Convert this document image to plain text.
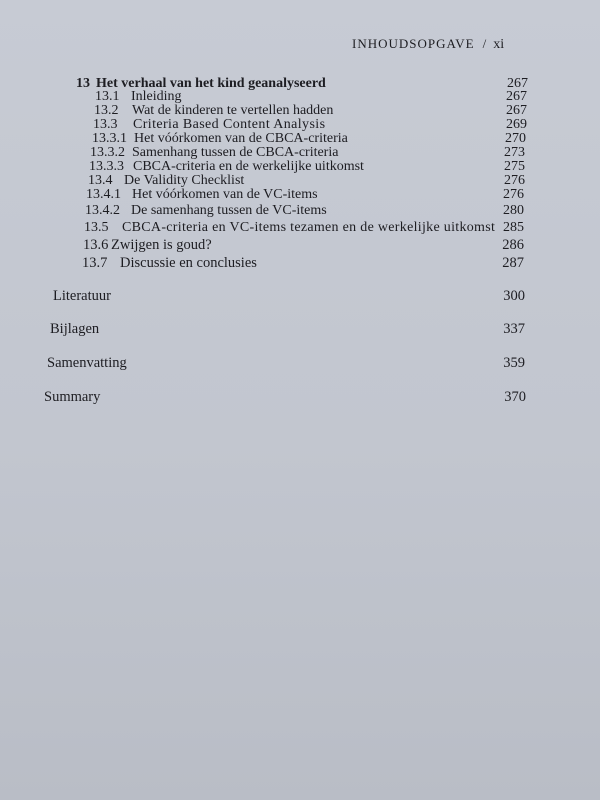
INHOUDSOPGAVE / xi
13 Het verhaal van het kind geanalyseerd	267
13.1 Inleiding	267
13.2 Wat de kinderen te vertellen hadden	267
13.3	Criteria Based Content Analysis	269
13.3.1 Het vóórkomen van de CBCA-criteria	270
13.3.2 Samenhang tussen de CBCA-criteria	273
13.3.3 CBCA-criteria en de werkelijke uitkomst	275
13.4 De Validity Checklist	276
13.4.1 Het vóórkomen van de VC-items	276
13.4.2 De samenhang tussen de VC-items	280
13.5 CBCA-criteria en VC-items tezamen en de werkelijke uitkomst 285
13.6 Zwijgen is goud?	286
13.7 Discussie en conclusies	287
Literatuur	300
Bijlagen	337
Samenvatting	359
Summary	370
